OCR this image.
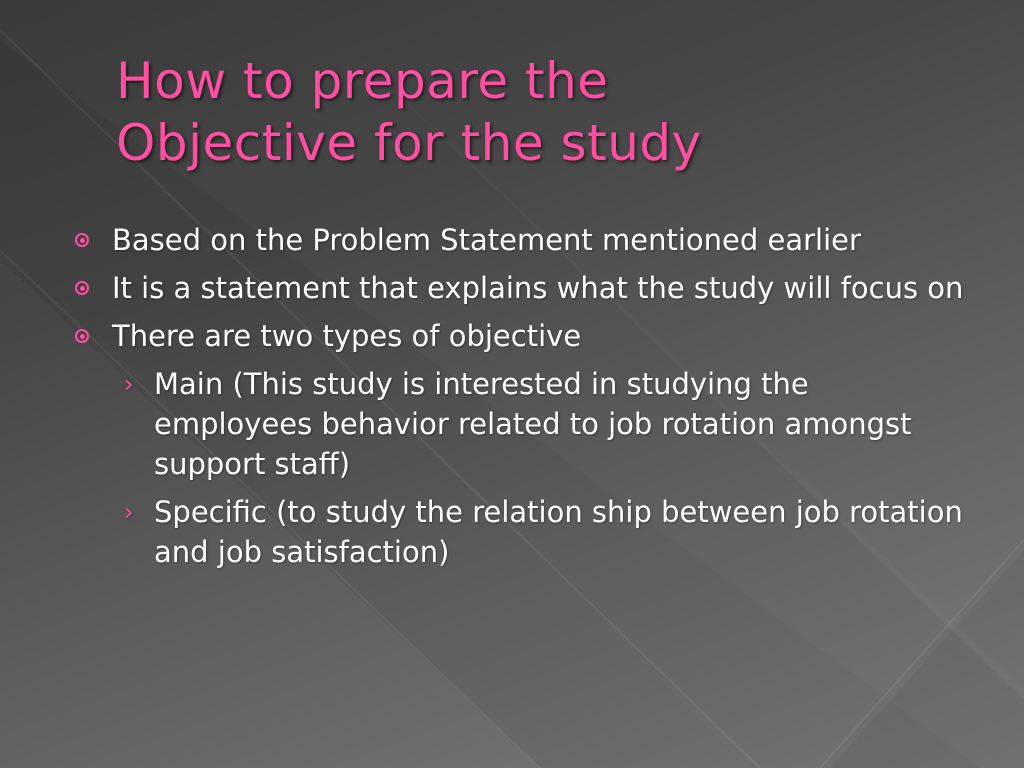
How to prepare the
Objective for the study
Based on the Problem Statement mentioned earlier
It is a statement that explains what the study will focus on
There are two types of objective
› Main (This study is interested in studying the employees behavior related to job rotation amongst support staff)
› Specific (to study the relation ship between job rotation and job satisfaction)
